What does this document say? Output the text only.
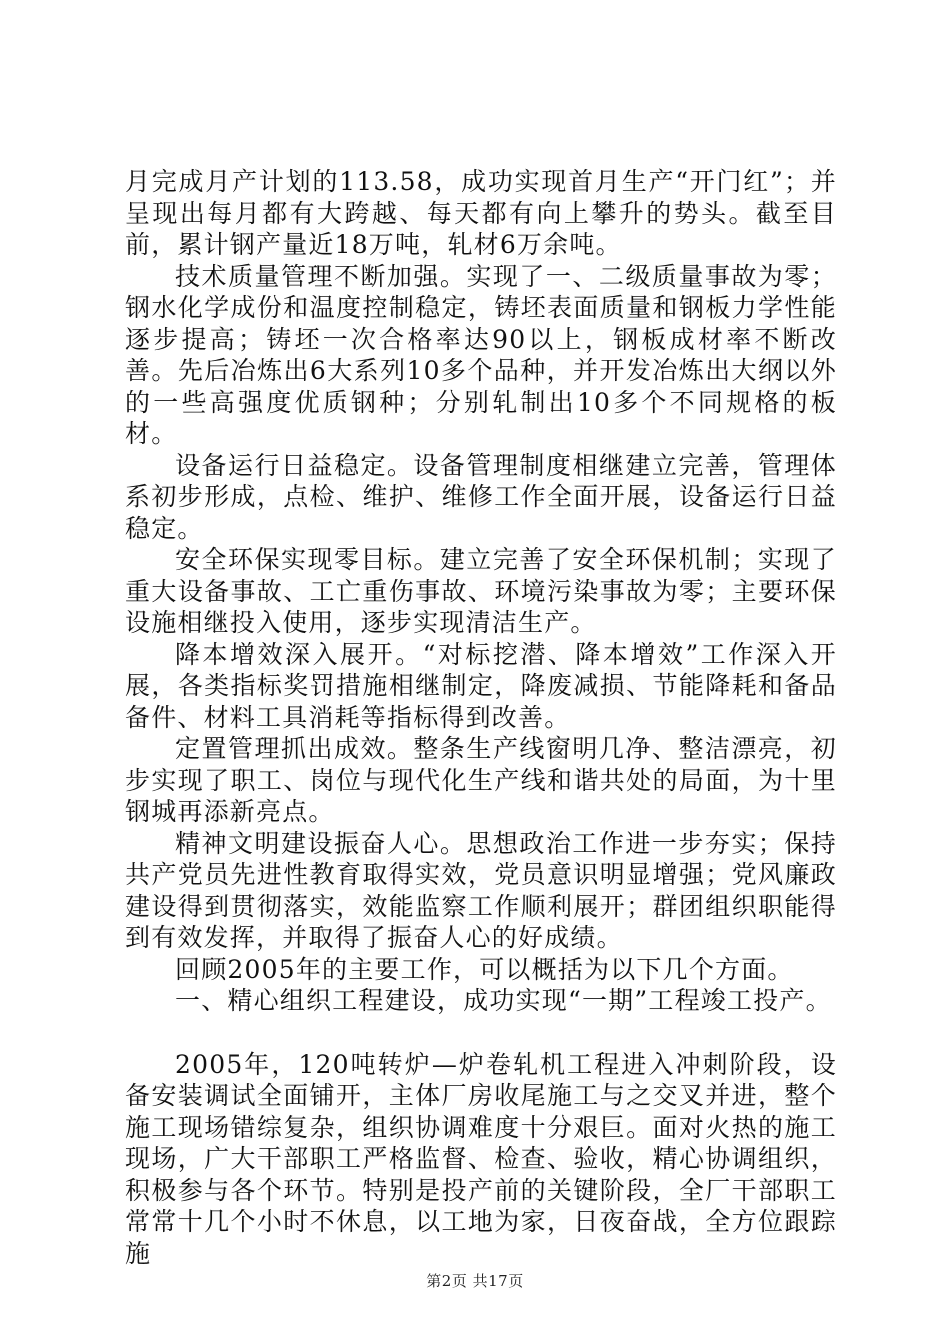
月完成月产计划的113.58，成功实现首月生产“开门红”；并呈现出每月都有大跨越、每天都有向上攀升的势头。截至目前，累计钢产量近18万吨，轧材6万余吨。

技术质量管理不断加强。实现了一、二级质量事故为零；钢水化学成份和温度控制稳定，铸坯表面质量和钢板力学性能逐步提高；铸坯一次合格率达90以上，钢板成材率不断改善。先后冶炼出6大系列10多个品种，并开发冶炼出大纲以外的一些高强度优质钢种；分别轧制出10多个不同规格的板材。

设备运行日益稳定。设备管理制度相继建立完善，管理体系初步形成，点检、维护、维修工作全面开展，设备运行日益稳定。

安全环保实现零目标。建立完善了安全环保机制；实现了重大设备事故、工亡重伤事故、环境污染事故为零；主要环保设施相继投入使用，逐步实现清洁生产。

降本增效深入展开。“对标挖潜、降本增效”工作深入开展，各类指标奖罚措施相继制定，降废减损、节能降耗和备品备件、材料工具消耗等指标得到改善。

定置管理抓出成效。整条生产线窗明几净、整洁漂亮，初步实现了职工、岗位与现代化生产线和谐共处的局面，为十里钢城再添新亮点。

精神文明建设振奋人心。思想政治工作进一步夯实；保持共产党员先进性教育取得实效，党员意识明显增强；党风廉政建设得到贯彻落实，效能监察工作顺利展开；群团组织职能得到有效发挥，并取得了振奋人心的好成绩。

回顾2005年的主要工作，可以概括为以下几个方面。

一、精心组织工程建设，成功实现“一期”工程竣工投产。

2005年，120吨转炉—炉卷轧机工程进入冲刺阶段，设备安装调试全面铺开，主体厂房收尾施工与之交叉并进，整个施工现场错综复杂，组织协调难度十分艰巨。面对火热的施工现场，广大干部职工严格监督、检查、验收，精心协调组织，积极参与各个环节。特别是投产前的关键阶段，全厂干部职工常常十几个小时不休息，以工地为家，日夜奋战，全方位跟踪施

第2页 共17页
